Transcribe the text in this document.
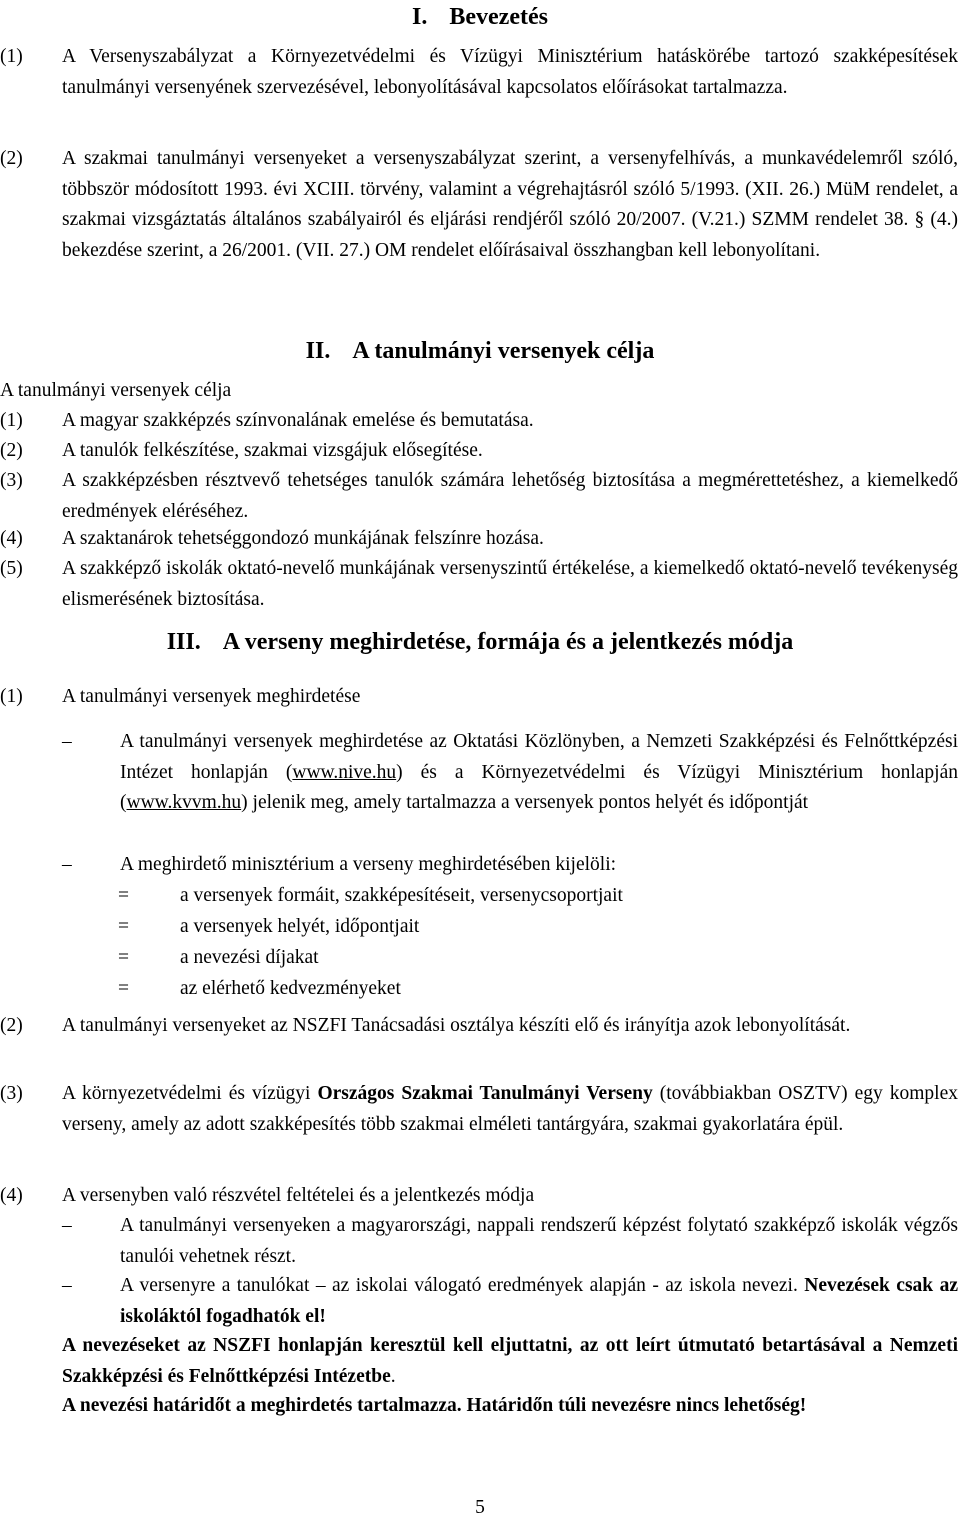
I. Bevezetés
(1)	A Versenyszabályzat a Környezetvédelmi és Vízügyi Minisztérium hatáskörébe tartozó szakképesítések tanulmányi versenyének szervezésével, lebonyolításával kapcsolatos előírásokat tartalmazza.
(2)	A szakmai tanulmányi versenyeket a versenyszabályzat szerint, a versenyfelhívás, a munkavédelemről szóló, többször módosított 1993. évi XCIII. törvény, valamint a végrehajtásról szóló 5/1993. (XII. 26.) MüM rendelet, a szakmai vizsgáztatás általános szabályairól és eljárási rendjéről szóló 20/2007. (V.21.) SZMM rendelet 38. § (4.) bekezdése szerint, a 26/2001. (VII. 27.) OM rendelet előírásaival összhangban kell lebonyolítani.
II. A tanulmányi versenyek célja

A tanulmányi versenyek célja

(1)	A magyar szakképzés színvonalának emelése és bemutatása.
(2)	A tanulók felkészítése, szakmai vizsgájuk elősegítése.
(3)	A szakképzésben résztvevő tehetséges tanulók számára lehetőség biztosítása a megmérettetéshez, a kiemelkedő eredmények eléréséhez.
(4)	A szaktanárok tehetséggondozó munkájának felszínre hozása.
(5)	A szakképző iskolák oktató-nevelő munkájának versenyszintű értékelése, a kiemelkedő oktató-nevelő tevékenység elismerésének biztosítása.
III. A verseny meghirdetése, formája és a jelentkezés módja
(1)	A tanulmányi versenyek meghirdetése
– A tanulmányi versenyek meghirdetése az Oktatási Közlönyben, a Nemzeti Szakképzési és Felnőttképzési Intézet honlapján (www.nive.hu) és a Környezetvédelmi és Vízügyi Minisztérium honlapján (www.kvvm.hu) jelenik meg, amely tartalmazza a versenyek pontos helyét és időpontját
– A meghirdető minisztérium a verseny meghirdetésében kijelöli:
=	a versenyek formáit, szakképesítéseit, versenycsoportjait
=	a versenyek helyét, időpontjait
=	a nevezési díjakat
=	az elérhető kedvezményeket
(2)	A tanulmányi versenyeket az NSZFI Tanácsadási osztálya készíti elő és irányítja azok lebonyolítását.
(3)	A környezetvédelmi és vízügyi Országos Szakmai Tanulmányi Verseny (továbbiakban OSZTV) egy komplex verseny, amely az adott szakképesítés több szakmai elméleti tantárgyára, szakmai gyakorlatára épül.
(4)	A versenyben való részvétel feltételei és a jelentkezés módja
– A tanulmányi versenyeken a magyarországi, nappali rendszerű képzést folytató szakképző iskolák végzős tanulói vehetnek részt.
– A versenyre a tanulókat – az iskolai válogató eredmények alapján - az iskola nevezi. Nevezések csak az iskoláktól fogadhatók el!
A nevezéseket az NSZFI honlapján keresztül kell eljuttatni, az ott leírt útmutató betartásával a Nemzeti Szakképzési és Felnőttképzési Intézetbe.
A nevezési határidőt a meghirdetés tartalmazza. Határidőn túli nevezésre nincs lehetőség!
5
